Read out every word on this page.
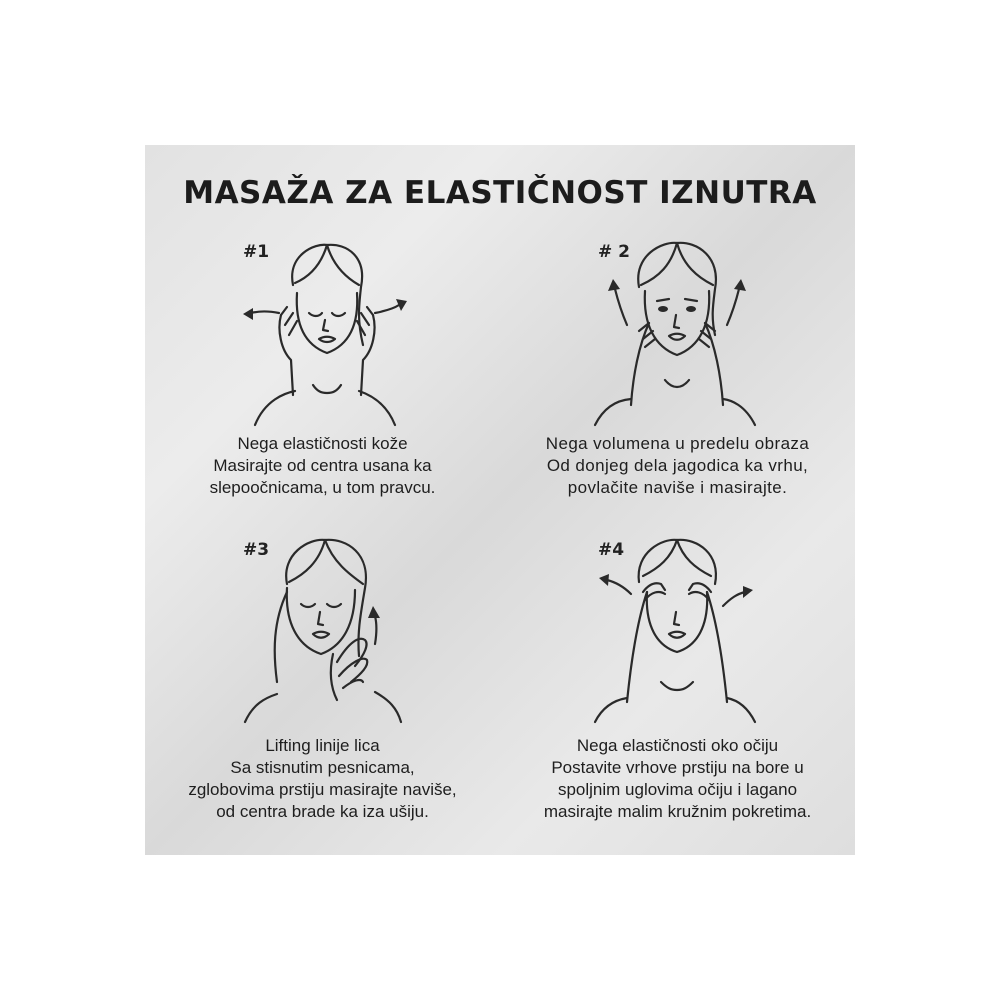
MASAŽA ZA ELASTIČNOST IZNUTRA
#1
Nega elastičnosti kože
Masirajte od centra usana ka
slepoočnicama, u tom pravcu.
# 2
Nega volumena u predelu obraza
Od donjeg dela jagodica ka vrhu,
povlačite naviše i masirajte.
#3
Lifting linije lica
Sa stisnutim pesnicama,
zglobovima prstiju masirajte naviše,
od centra brade ka iza ušiju.
#4
Nega elastičnosti oko očiju
Postavite vrhove prstiju na bore u
spoljnim uglovima očiju i lagano
masirajte malim kružnim pokretima.
